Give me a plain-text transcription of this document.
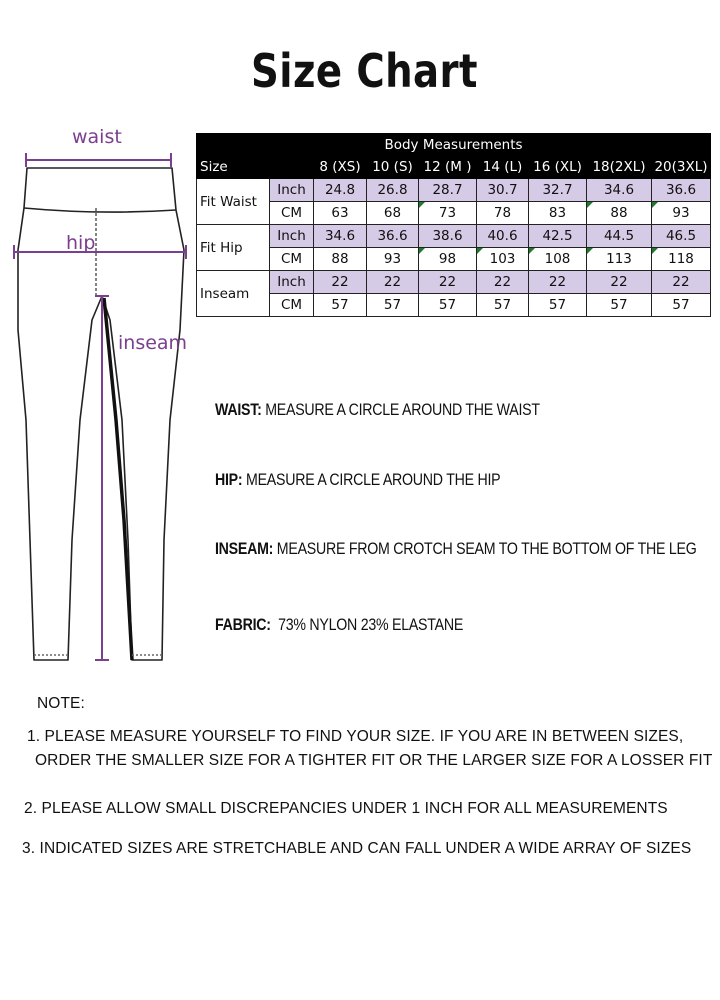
Size Chart
waist
hip
inseam
Body Measurements								
Size		8 (XS)	10 (S)	12 (M )	14 (L)	16 (XL)	18(2XL)	20(3XL)
Fit Waist	Inch	24.8	26.8	28.7	30.7	32.7	34.6	36.6
	CM	63	68	73	78	83	88	93
Fit Hip	Inch	34.6	36.6	38.6	40.6	42.5	44.5	46.5
	CM	88	93	98	103	108	113	118
Inseam	Inch	22	22	22	22	22	22	22
	CM	57	57	57	57	57	57	57
WAIST: MEASURE A CIRCLE AROUND THE WAIST
HIP: MEASURE A CIRCLE AROUND THE HIP
INSEAM: MEASURE FROM CROTCH SEAM TO THE BOTTOM OF THE LEG
FABRIC:  73% NYLON 23% ELASTANE
NOTE:
1. PLEASE MEASURE YOURSELF TO FIND YOUR SIZE. IF YOU ARE IN BETWEEN SIZES,
ORDER THE SMALLER SIZE FOR A TIGHTER FIT OR THE LARGER SIZE FOR A LOSSER FIT
2. PLEASE ALLOW SMALL DISCREPANCIES UNDER 1 INCH FOR ALL MEASUREMENTS
3. INDICATED SIZES ARE STRETCHABLE AND CAN FALL UNDER A WIDE ARRAY OF SIZES
